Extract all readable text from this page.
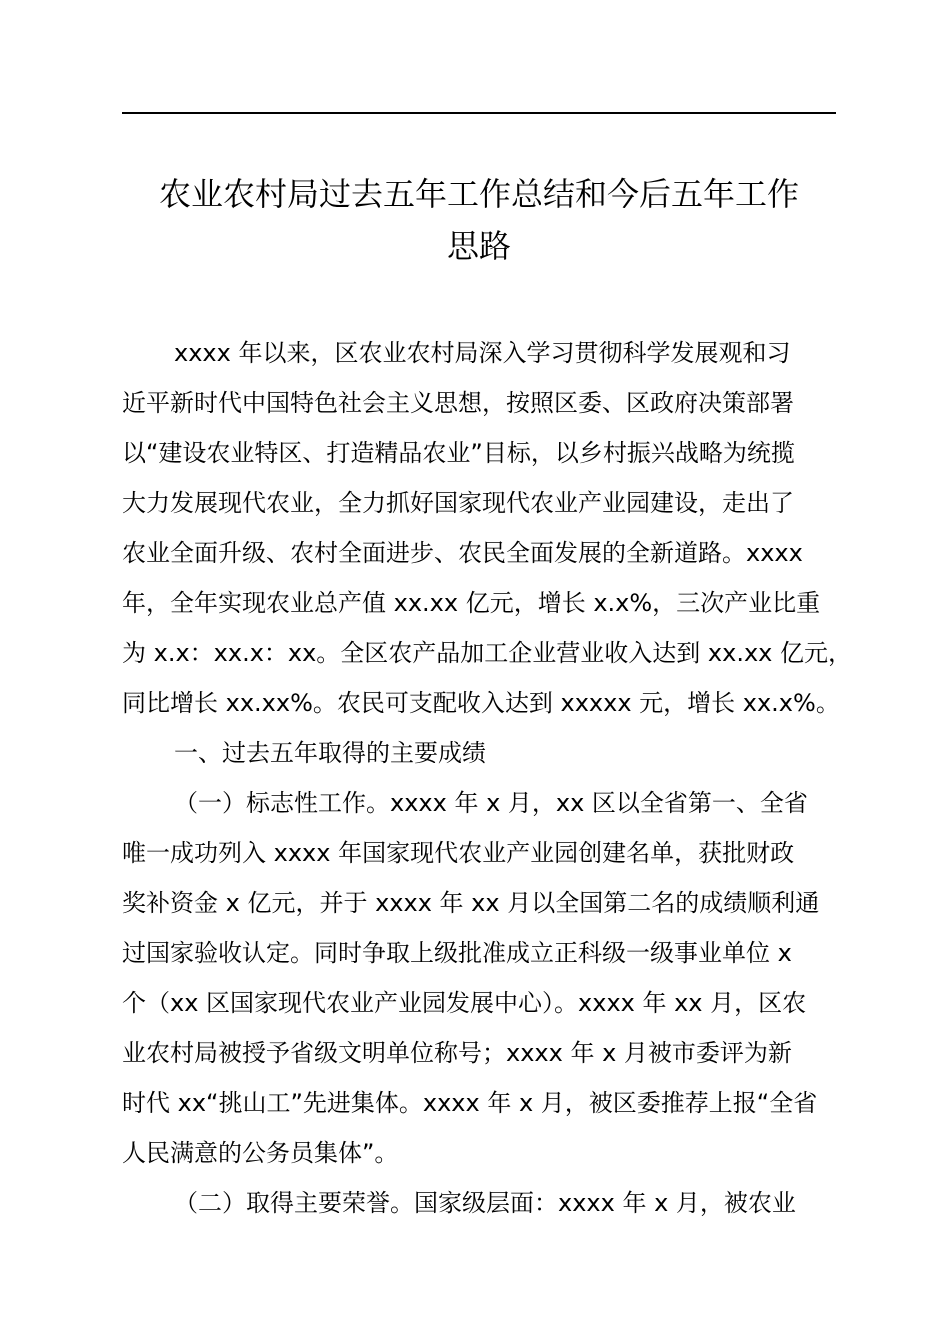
农业农村局过去五年工作总结和今后五年工作
思路
xxxx 年以来，区农业农村局深入学习贯彻科学发展观和习
近平新时代中国特色社会主义思想，按照区委、区政府决策部署
以“建设农业特区、打造精品农业”目标，以乡村振兴战略为统揽
大力发展现代农业，全力抓好国家现代农业产业园建设，走出了
农业全面升级、农村全面进步、农民全面发展的全新道路。xxxx
年，全年实现农业总产值 xx.xx 亿元，增长 x.x%，三次产业比重
为 x.x：xx.x：xx。全区农产品加工企业营业收入达到 xx.xx 亿元，
同比增长 xx.xx%。农民可支配收入达到 xxxxx 元，增长 xx.x%。
一、过去五年取得的主要成绩
（一）标志性工作。xxxx 年 x 月，xx 区以全省第一、全省
唯一成功列入 xxxx 年国家现代农业产业园创建名单，获批财政
奖补资金 x 亿元，并于 xxxx 年 xx 月以全国第二名的成绩顺利通
过国家验收认定。同时争取上级批准成立正科级一级事业单位 x
个（xx 区国家现代农业产业园发展中心）。xxxx 年 xx 月，区农
业农村局被授予省级文明单位称号；xxxx 年 x 月被市委评为新
时代 xx“挑山工”先进集体。xxxx 年 x 月，被区委推荐上报“全省
人民满意的公务员集体”。
（二）取得主要荣誉。国家级层面：xxxx 年 x 月，被农业
